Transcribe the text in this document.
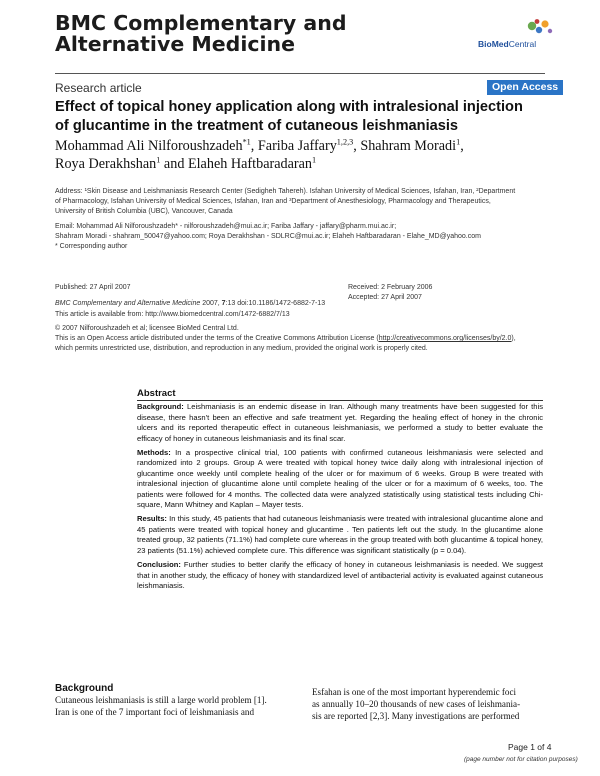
BMC Complementary and
Alternative Medicine	BioMedCentral
Research article	Open Access
Effect of topical honey application along with intralesional injection
of glucantime in the treatment of cutaneous leishmaniasis
Mohammad Ali Nilforoushzadeh$^{*1}$, Fariba Jaffary$^{1,2,3}$, Shahram Moradi$^1$,
Roya Derakhshan$^1$ and Elaheh Haftbaradaran$^1$
Address: ¹Skin Disease and Leishmaniasis Research Center (Sedigheh Tahereh). Isfahan University of Medical Sciences, Isfahan, Iran, ²Department
of Pharmacology, Isfahan University of Medical Sciences, Isfahan, Iran and ³Department of Anesthesiology, Pharmacology and Therapeutics,
University of British Columbia (UBC), Vancouver, Canada
Email: Mohammad Ali Nilforoushzadeh* - nilforoushzadeh@mui.ac.ir; Fariba Jaffary - jaffary@pharm.mui.ac.ir;
Shahram Moradi - shahram_50047@yahoo.com; Roya Derakhshan - SDLRC@mui.ac.ir; Elaheh Haftbaradaran - Elahe_MD@yahoo.com
* Corresponding author
Published: 27 April 2007	Received: 2 February 2006
Accepted: 27 April 2007
BMC Complementary and Alternative Medicine 2007, 7:13 doi:10.1186/1472-6882-7-13
This article is available from: http://www.biomedcentral.com/1472-6882/7/13
© 2007 Nilforoushzadeh et al; licensee BioMed Central Ltd.
This is an Open Access article distributed under the terms of the Creative Commons Attribution License (http://creativecommons.org/licenses/by/2.0),
which permits unrestricted use, distribution, and reproduction in any medium, provided the original work is properly cited.
Abstract
Background: Leishmaniasis is an endemic disease in Iran. Although many treatments have been suggested for this disease, there hasn't been an effective and safe treatment yet. Regarding the healing effect of honey in the chronic ulcers and its reported therapeutic effect in cutaneous leishmaniasis, we performed a study to better evaluate the efficacy of honey in cutaneous leishmaniasis and its final scar.
Methods: In a prospective clinical trial, 100 patients with confirmed cutaneous leishmaniasis were selected and randomized into 2 groups. Group A were treated with topical honey twice daily along with intralesional injection of glucantime once weekly until complete healing of the ulcer or for maximum of 6 weeks. Group B were treated with intralesional injection of glucantime alone until complete healing of the ulcer or for a maximum of 6 weeks, too. The patients were followed for 4 months. The collected data were analyzed statistically using statistical tests including Chi-square, Mann Whitney and Kaplan – Mayer tests.
Results: In this study, 45 patients that had cutaneous leishmaniasis were treated with intralesional glucantime alone and 45 patients were treated with topical honey and glucantime . Ten patients left out the study. In the glucantime alone treated group, 32 patients (71.1%) had complete cure whereas in the group treated with both glucantime & topical honey, 23 patients (51.1%) achieved complete cure. This difference was significant statistically (p = 0.04).
Conclusion: Further studies to better clarify the efficacy of honey in cutaneous leishmaniasis is needed. We suggest that in another study, the efficacy of honey with standardized level of antibacterial activity is evaluated against cutaneous leishmaniasis.
Background
Cutaneous leishmaniasis is still a large world problem [1].
Iran is one of the 7 important foci of leishmaniasis and
Esfahan is one of the most important hyperendemic foci
as annually 10–20 thousands of new cases of leishmania-
sis are reported [2,3]. Many investigations are performed
Page 1 of 4
(page number not for citation purposes)
